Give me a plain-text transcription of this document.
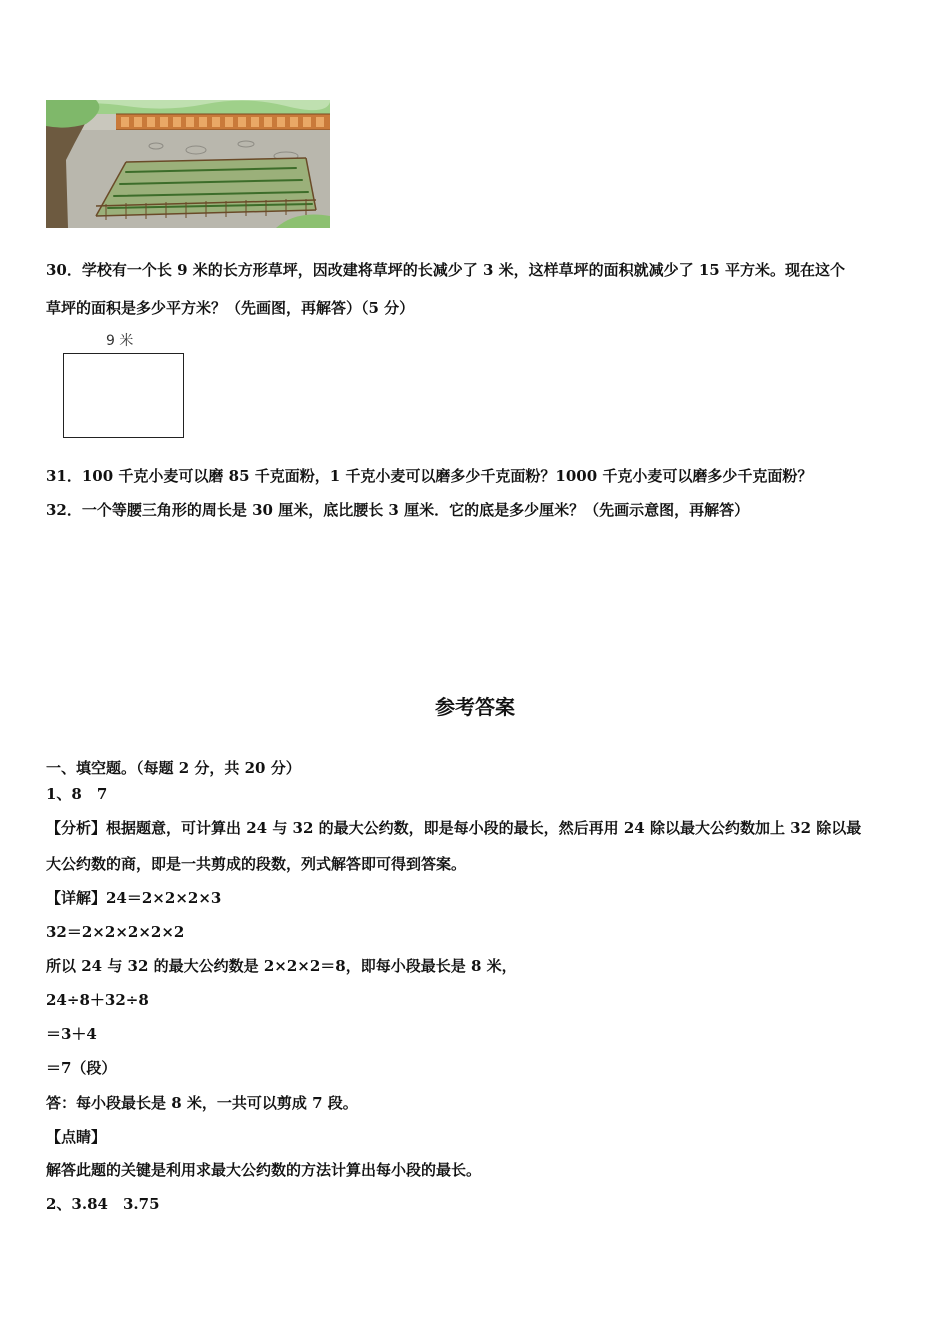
30．学校有一个长 9 米的长方形草坪，因改建将草坪的长减少了 3 米，这样草坪的面积就减少了 15 平方米。现在这个
草坪的面积是多少平方米？（先画图，再解答）（5 分）
9 米
31．100 千克小麦可以磨 85 千克面粉，1 千克小麦可以磨多少千克面粉？1000 千克小麦可以磨多少千克面粉？
32．一个等腰三角形的周长是 30 厘米，底比腰长 3 厘米．它的底是多少厘米？（先画示意图，再解答）
参考答案
一、填空题。（每题 2 分，共 20 分）
1、8　7
【分析】根据题意，可计算出 24 与 32 的最大公约数，即是每小段的最长，然后再用 24 除以最大公约数加上 32 除以最
大公约数的商，即是一共剪成的段数，列式解答即可得到答案。
【详解】24＝2×2×2×3
32＝2×2×2×2×2
所以 24 与 32 的最大公约数是 2×2×2＝8，即每小段最长是 8 米，
24÷8＋32÷8
＝3＋4
＝7（段）
答：每小段最长是 8 米，一共可以剪成 7 段。
【点睛】
解答此题的关键是利用求最大公约数的方法计算出每小段的最长。
2、3.84　3.75
